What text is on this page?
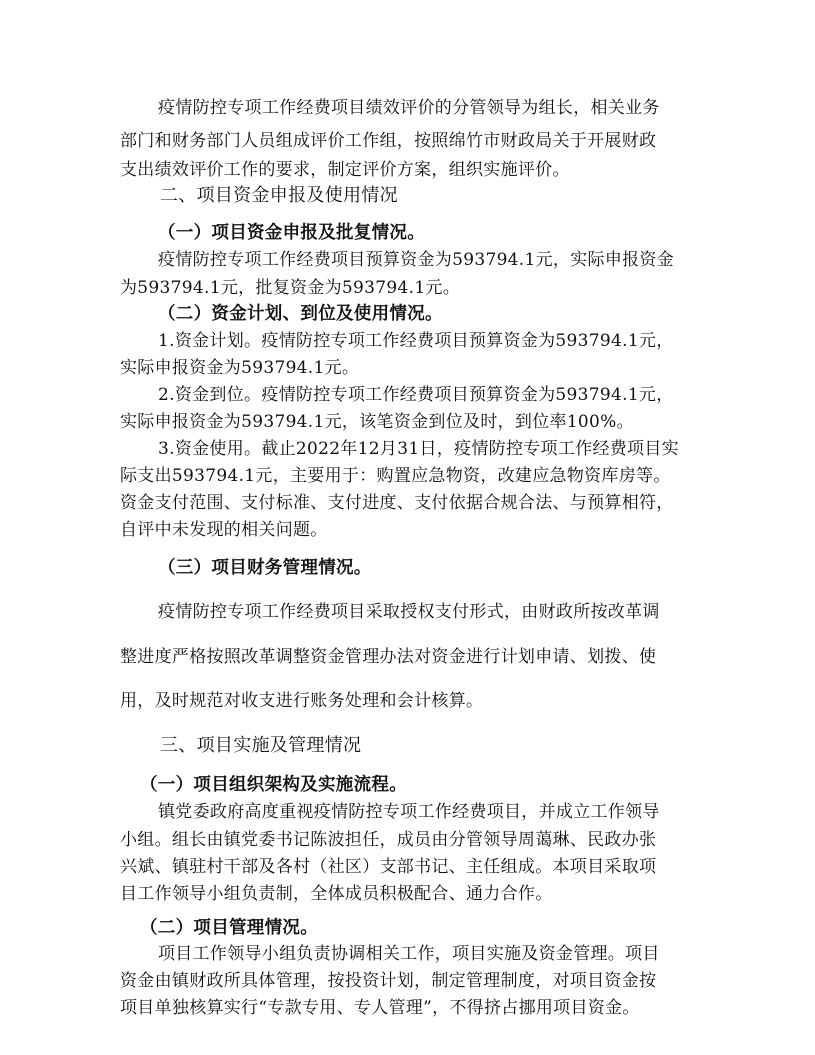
疫情防控专项工作经费项目绩效评价的分管领导为组长，相关业务

部门和财务部门人员组成评价工作组，按照绵竹市财政局关于开展财政

支出绩效评价工作的要求，制定评价方案，组织实施评价。

二、项目资金申报及使用情况

（一）项目资金申报及批复情况。

疫情防控专项工作经费项目预算资金为593794.1元，实际申报资金

为593794.1元，批复资金为593794.1元。

（二）资金计划、到位及使用情况。

1.资金计划。疫情防控专项工作经费项目预算资金为593794.1元，

实际申报资金为593794.1元。

2.资金到位。疫情防控专项工作经费项目预算资金为593794.1元，

实际申报资金为593794.1元，该笔资金到位及时，到位率100%。

3.资金使用。截止2022年12月31日，疫情防控专项工作经费项目实

际支出593794.1元，主要用于：购置应急物资，改建应急物资库房等。

资金支付范围、支付标准、支付进度、支付依据合规合法、与预算相符，

自评中未发现的相关问题。

（三）项目财务管理情况。

疫情防控专项工作经费项目采取授权支付形式，由财政所按改革调

整进度严格按照改革调整资金管理办法对资金进行计划申请、划拨、使

用，及时规范对收支进行账务处理和会计核算。

三、项目实施及管理情况

（一）项目组织架构及实施流程。

镇党委政府高度重视疫情防控专项工作经费项目，并成立工作领导

小组。组长由镇党委书记陈波担任，成员由分管领导周蔼琳、民政办张

兴斌、镇驻村干部及各村（社区）支部书记、主任组成。本项目采取项

目工作领导小组负责制，全体成员积极配合、通力合作。

（二）项目管理情况。

项目工作领导小组负责协调相关工作，项目实施及资金管理。项目

资金由镇财政所具体管理，按投资计划，制定管理制度，对项目资金按

项目单独核算实行“专款专用、专人管理”，不得挤占挪用项目资金。
